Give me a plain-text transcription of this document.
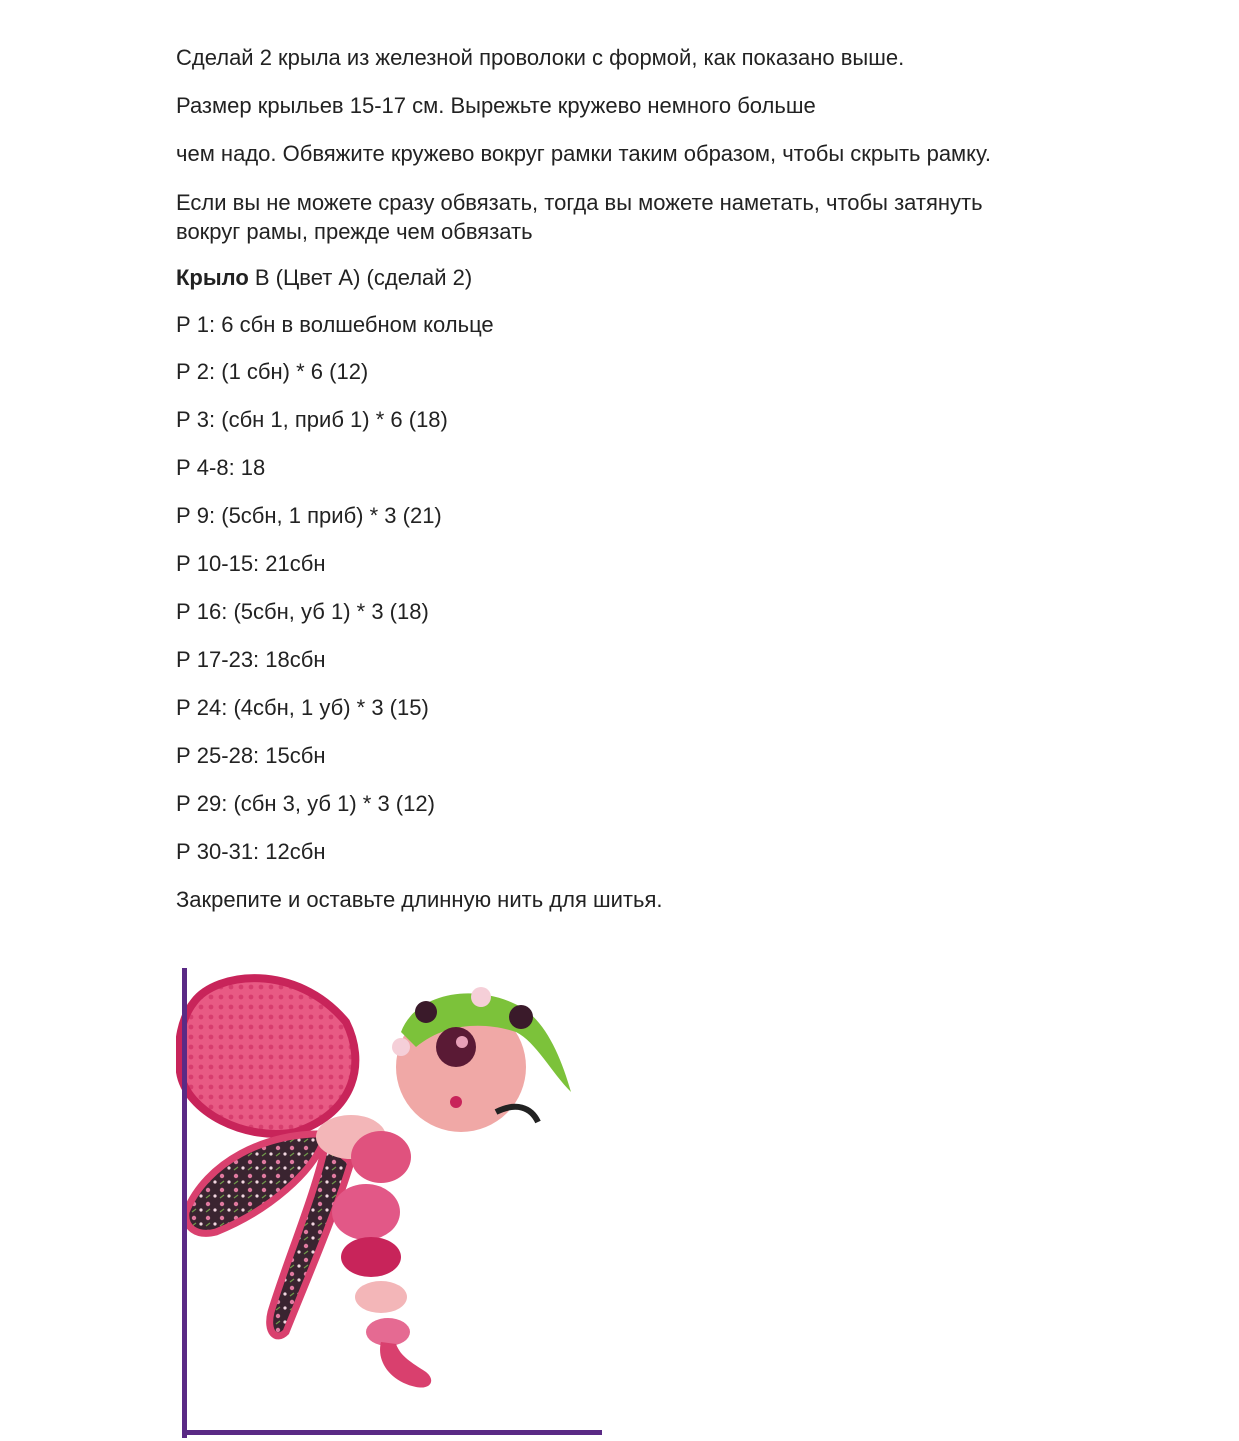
Сделай 2 крыла из железной проволоки с формой, как показано выше.

Размер крыльев 15-17 см. Вырежьте кружево немного больше

чем надо. Обвяжите кружево вокруг рамки таким образом, чтобы скрыть рамку.

Если вы не можете сразу обвязать, тогда вы можете наметать, чтобы затянуть
вокруг рамы, прежде чем обвязать

Крыло В (Цвет А) (сделай 2)

Р 1: 6 сбн в волшебном кольце

Р 2: (1 сбн) * 6 (12)

Р 3: (сбн 1, приб 1) * 6 (18)

Р 4-8: 18

Р 9: (5сбн, 1 приб) * 3 (21)

Р 10-15: 21сбн

Р 16: (5сбн, уб 1) * 3 (18)

Р 17-23: 18сбн

Р 24: (4сбн, 1 уб) * 3 (15)

Р 25-28: 15сбн

Р 29: (сбн 3, уб 1) * 3 (12)

Р 30-31: 12сбн

Закрепите и оставьте длинную нить для шитья.
